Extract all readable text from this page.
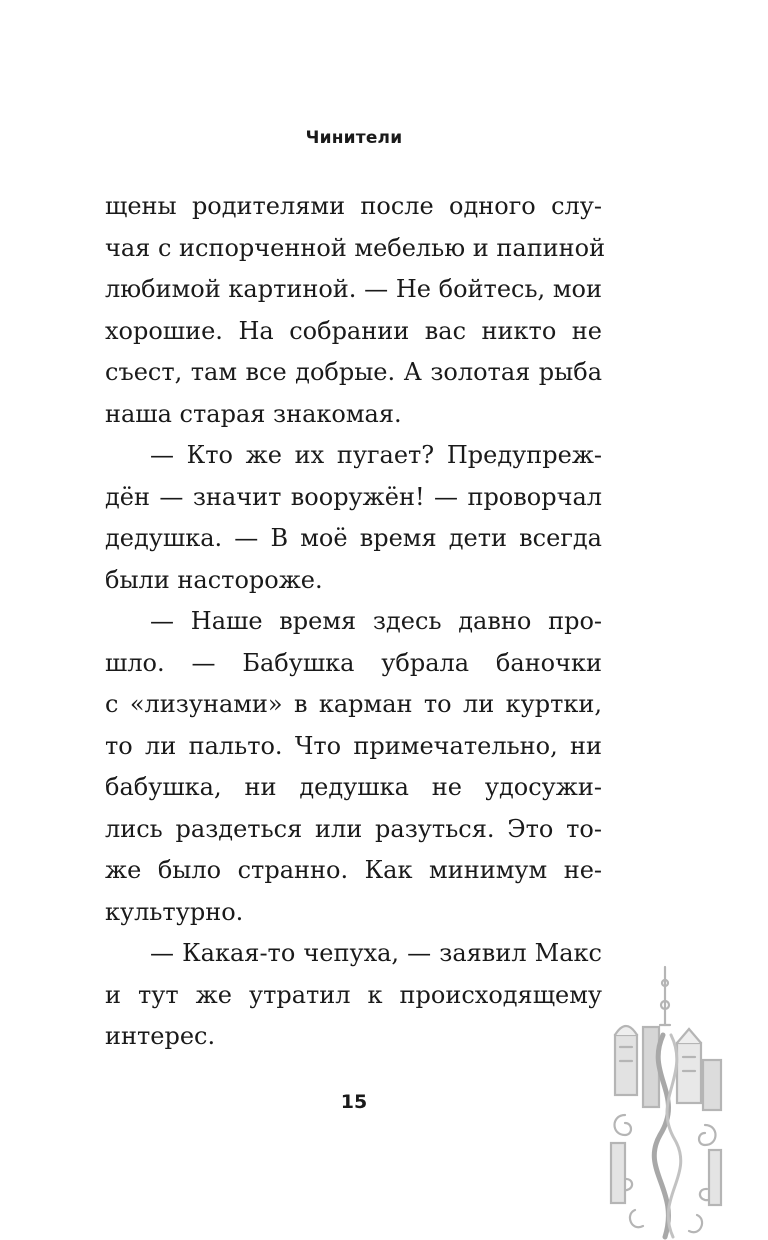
Чинители
щены родителями после одного слу-
чая с испорченной мебелью и папиной
любимой картиной. — Не бойтесь, мои
хорошие. На собрании вас никто не
съест, там все добрые. А золотая рыба
наша старая знакомая.
— Кто же их пугает? Предупреж-
дён — значит вооружён! — проворчал
дедушка. — В моё время дети всегда
были настороже.
— Наше время здесь давно про-
шло. — Бабушка убрала баночки
с «лизунами» в карман то ли куртки,
то ли пальто. Что примечательно, ни
бабушка, ни дедушка не удосужи-
лись раздеться или разуться. Это то-
же было странно. Как минимум не-
культурно.
— Какая-то чепуха, — заявил Макс
и тут же утратил к происходящему
интерес.
15
